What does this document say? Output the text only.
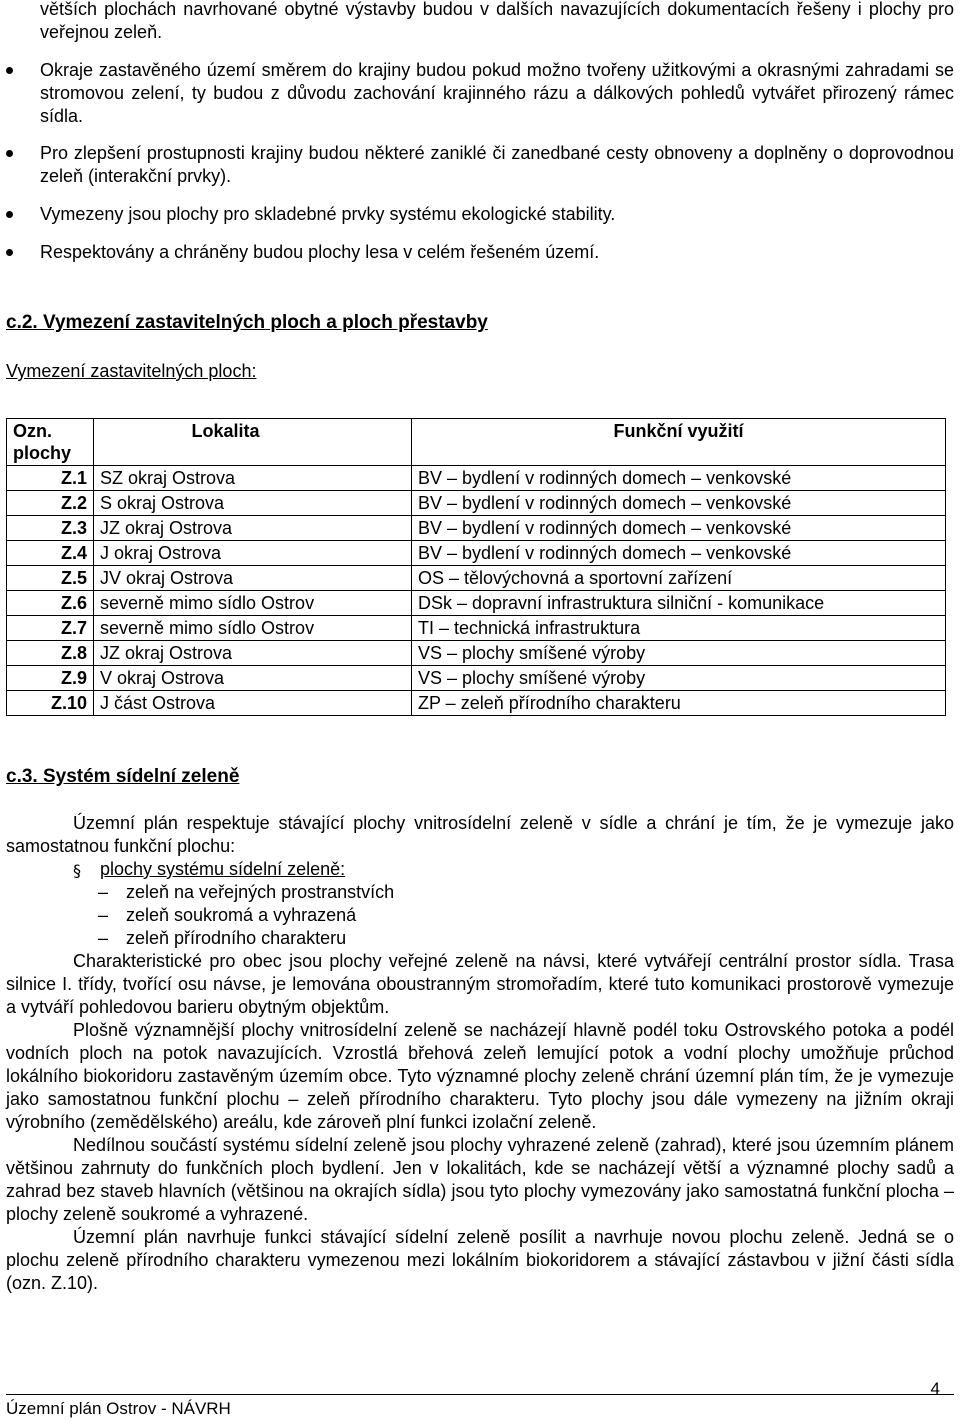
větších plochách navrhované obytné výstavby budou v dalších navazujících dokumentacích řešeny i plochy pro veřejnou zeleň.

Okraje zastavěného území směrem do krajiny budou pokud možno tvořeny užitkovými a okrasnými zahradami se stromovou zelení, ty budou z důvodu zachování krajinného rázu a dálkových pohledů vytvářet přirozený rámec sídla.
Pro zlepšení prostupnosti krajiny budou některé zaniklé či zanedbané cesty obnoveny a doplněny o doprovodnou zeleň (interakční prvky).
Vymezeny jsou plochy pro skladebné prvky systému ekologické stability.
Respektovány a chráněny budou plochy lesa v celém řešeném území.
c.2. Vymezení zastavitelných ploch a ploch přestavby

Vymezení zastavitelných ploch:

Ozn. plochy	Lokalita	Funkční využití
Z.1	SZ okraj Ostrova	BV – bydlení v rodinných domech – venkovské
Z.2	S okraj Ostrova	BV – bydlení v rodinných domech – venkovské
Z.3	JZ okraj Ostrova	BV – bydlení v rodinných domech – venkovské
Z.4	J okraj Ostrova	BV – bydlení v rodinných domech – venkovské
Z.5	JV okraj Ostrova	OS – tělovýchovná a sportovní zařízení
Z.6	severně mimo sídlo Ostrov	DSk – dopravní infrastruktura silniční - komunikace
Z.7	severně mimo sídlo Ostrov	TI – technická infrastruktura
Z.8	JZ okraj Ostrova	VS – plochy smíšené výroby
Z.9	V okraj Ostrova	VS – plochy smíšené výroby
Z.10	J část Ostrova	ZP – zeleň přírodního charakteru

c.3. Systém sídelní zeleně

Územní plán respektuje stávající plochy vnitrosídelní zeleně v sídle a chrání je tím, že je vymezuje jako samostatnou funkční plochu:

§ plochy systému sídelní zeleně:
– zeleň na veřejných prostranstvích
– zeleň soukromá a vyhrazená
– zeleň přírodního charakteru

Charakteristické pro obec jsou plochy veřejné zeleně na návsi, které vytvářejí centrální prostor sídla. Trasa silnice I. třídy, tvořící osu návse, je lemována oboustranným stromořadím, které tuto komunikaci prostorově vymezuje a vytváří pohledovou barieru obytným objektům.

Plošně významnější plochy vnitrosídelní zeleně se nacházejí hlavně podél toku Ostrovského potoka a podél vodních ploch na potok navazujících. Vzrostlá břehová zeleň lemující potok a vodní plochy umožňuje průchod lokálního biokoridoru zastavěným územím obce. Tyto významné plochy zeleně chrání územní plán tím, že je vymezuje jako samostatnou funkční plochu – zeleň přírodního charakteru. Tyto plochy jsou dále vymezeny na jižním okraji výrobního (zemědělského) areálu, kde zároveň plní funkci izolační zeleně.

Nedílnou součástí systému sídelní zeleně jsou plochy vyhrazené zeleně (zahrad), které jsou územním plánem většinou zahrnuty do funkčních ploch bydlení. Jen v lokalitách, kde se nacházejí větší a významné plochy sadů a zahrad bez staveb hlavních (většinou na okrajích sídla) jsou tyto plochy vymezovány jako samostatná funkční plocha – plochy zeleně soukromé a vyhrazené.

Územní plán navrhuje funkci stávající sídelní zeleně posílit a navrhuje novou plochu zeleně. Jedná se o plochu zeleně přírodního charakteru vymezenou mezi lokálním biokoridorem a stávající zástavbou v jižní části sídla (ozn. Z.10).

4
Územní plán Ostrov - NÁVRH
